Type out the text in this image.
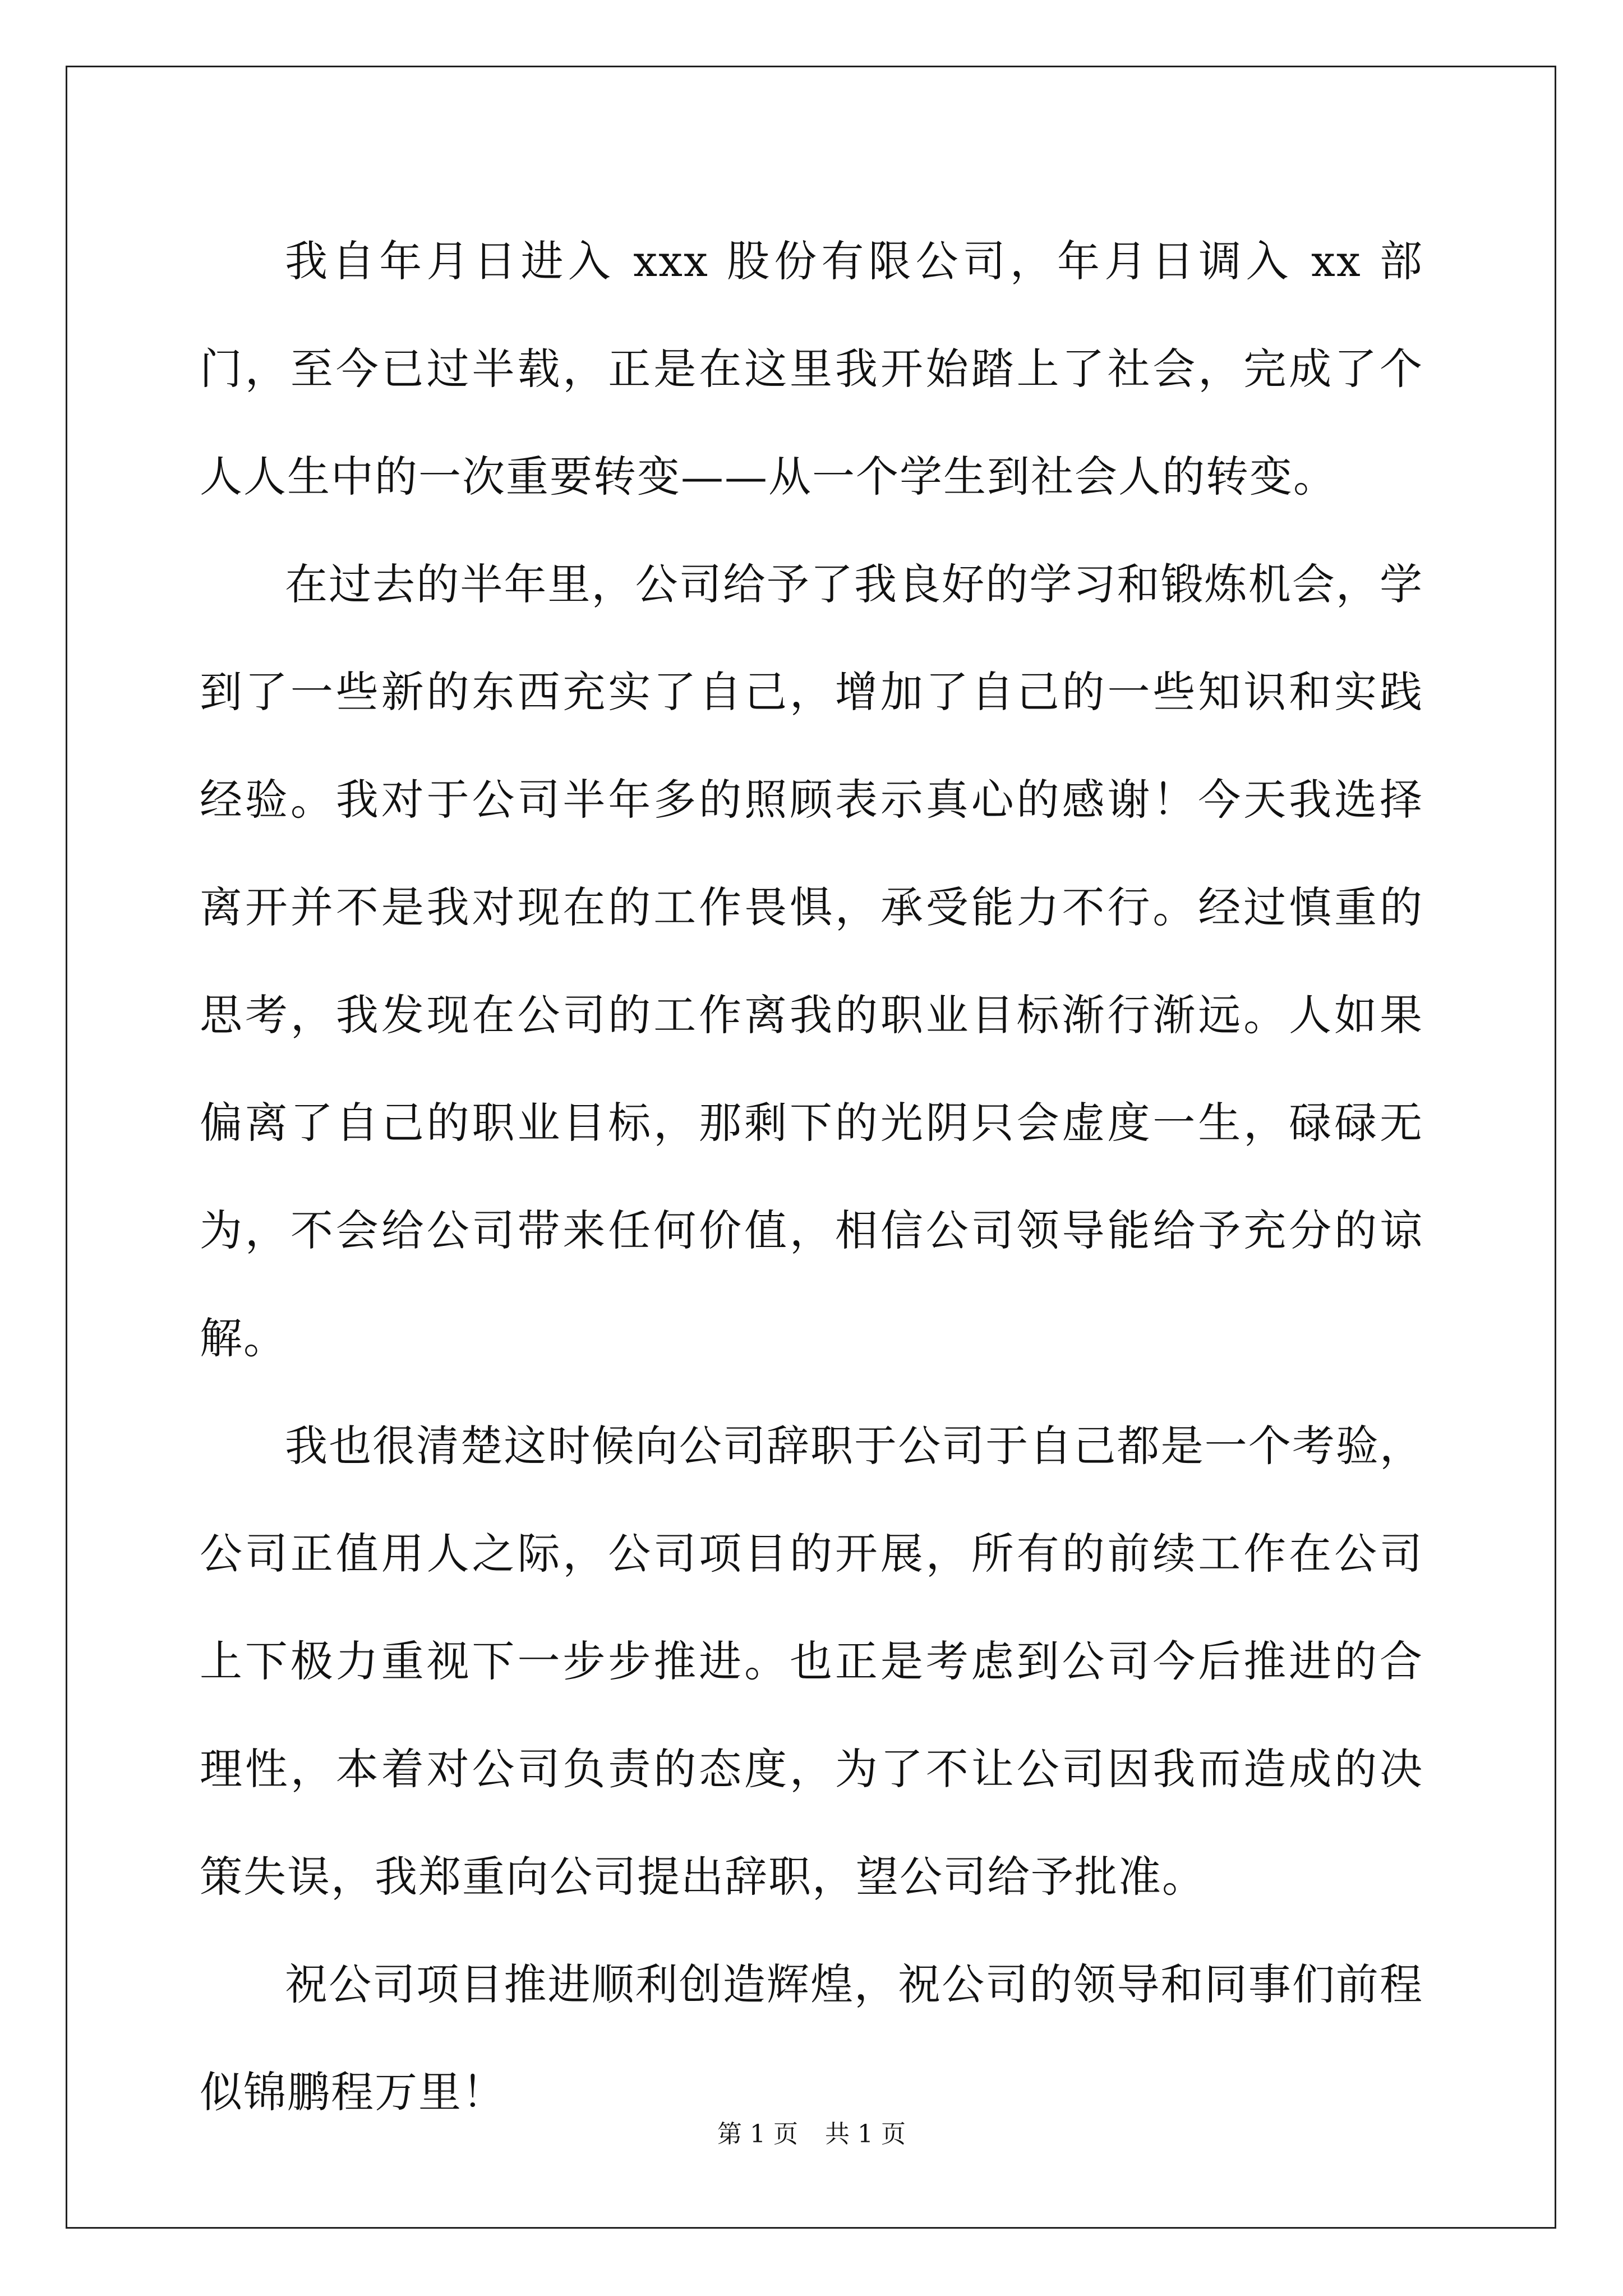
我自年月日进入 xxx 股份有限公司，年月日调入 xx 部门，至今已过半载，正是在这里我开始踏上了社会，完成了个人人生中的一次重要转变——从一个学生到社会人的转变。

在过去的半年里，公司给予了我良好的学习和锻炼机会，学到了一些新的东西充实了自己，增加了自己的一些知识和实践经验。我对于公司半年多的照顾表示真心的感谢！今天我选择离开并不是我对现在的工作畏惧，承受能力不行。经过慎重的思考，我发现在公司的工作离我的职业目标渐行渐远。人如果偏离了自己的职业目标，那剩下的光阴只会虚度一生，碌碌无为，不会给公司带来任何价值，相信公司领导能给予充分的谅解。

我也很清楚这时候向公司辞职于公司于自己都是一个考验，公司正值用人之际，公司项目的开展，所有的前续工作在公司上下极力重视下一步步推进。也正是考虑到公司今后推进的合理性，本着对公司负责的态度，为了不让公司因我而造成的决策失误，我郑重向公司提出辞职，望公司给予批准。

祝公司项目推进顺利创造辉煌，祝公司的领导和同事们前程似锦鹏程万里！

第 1 页 共 1 页
